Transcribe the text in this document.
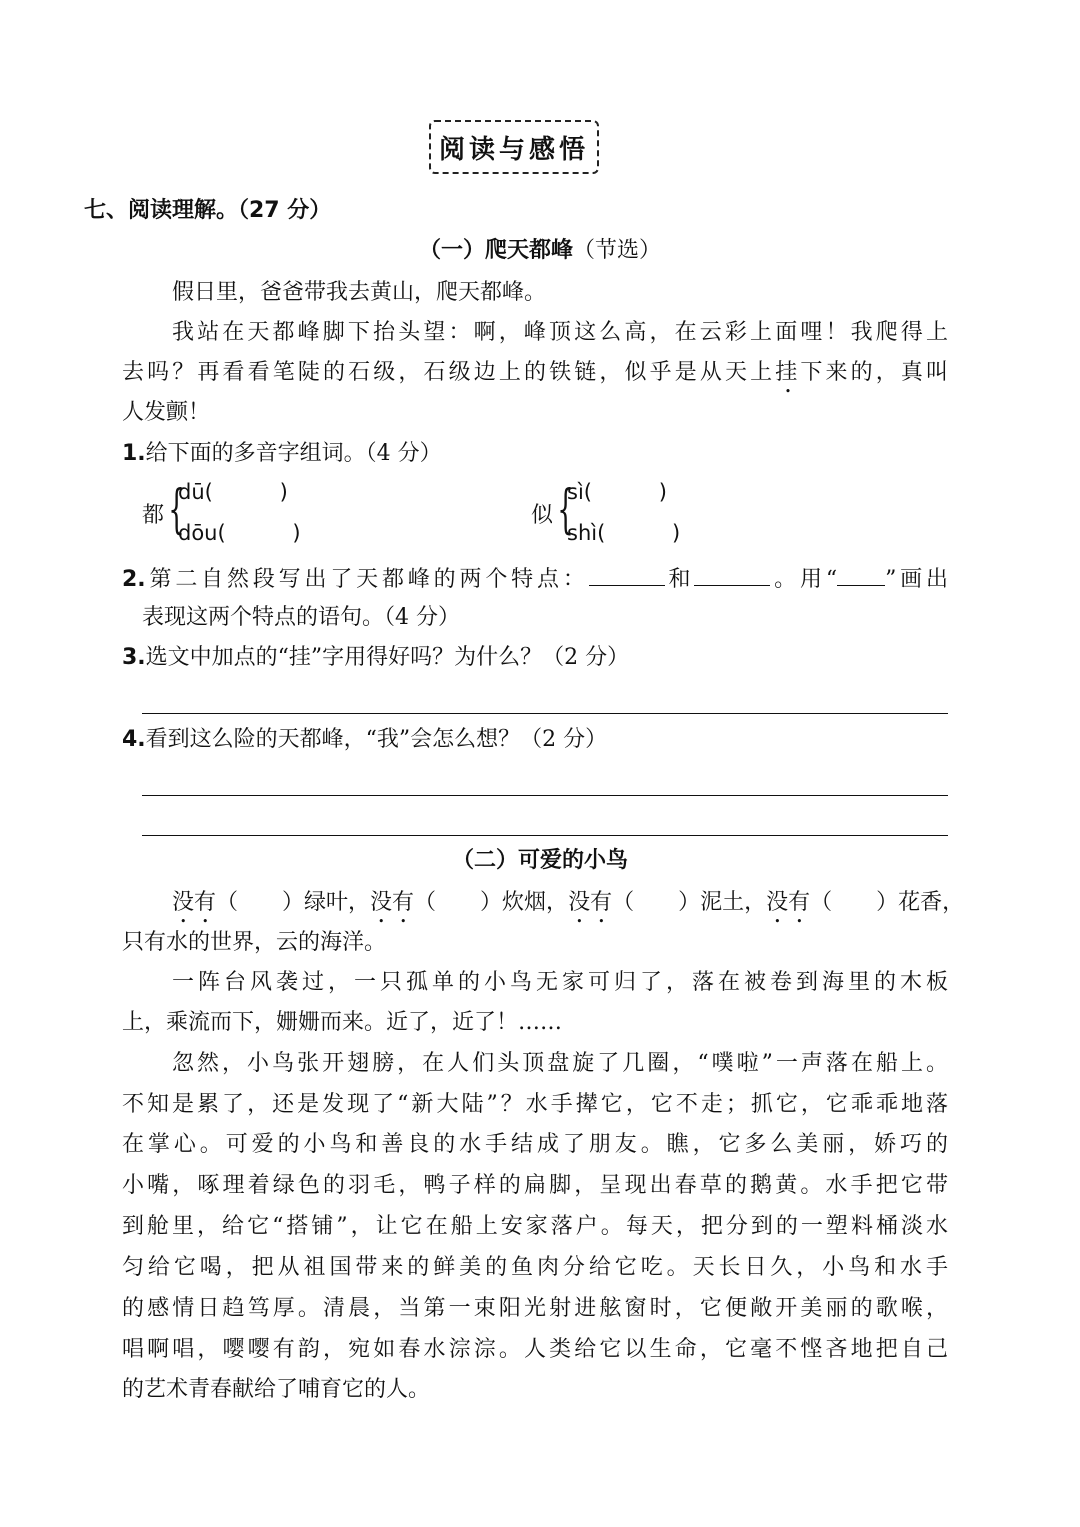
阅读与感悟
七、阅读理解。（27 分）
（一）爬天都峰（节选）
假日里，爸爸带我去黄山，爬天都峰。
我站在天都峰脚下抬头望：啊，峰顶这么高，在云彩上面哩！我爬得上
去吗？再看看笔陡的石级，石级边上的铁链，似乎是从天上挂下来的，真叫
人发颤！
1.给下面的多音字组词。（4 分）
都 {
dū(          )
dōu(          )
似 {
sì(          )
shì(          )
2.第二自然段写出了天都峰的两个特点：	和	。用“ ”画出
表现这两个特点的语句。（4 分）
3.选文中加点的“挂”字用得好吗？为什么？（2 分）
4.看到这么险的天都峰，“我”会怎么想？（2 分）
（二）可爱的小鸟
没有（　　）绿叶，没有（　　）炊烟，没有（　　）泥土，没有（　　）花香，
只有水的世界，云的海洋。
一阵台风袭过，一只孤单的小鸟无家可归了，落在被卷到海里的木板
上，乘流而下，姗姗而来。近了，近了！……
忽然，小鸟张开翅膀，在人们头顶盘旋了几圈，“噗啦”一声落在船上。
不知是累了，还是发现了“新大陆”？水手撵它，它不走；抓它，它乖乖地落
在掌心。可爱的小鸟和善良的水手结成了朋友。瞧，它多么美丽，娇巧的
小嘴，啄理着绿色的羽毛，鸭子样的扁脚，呈现出春草的鹅黄。水手把它带
到舱里，给它“搭铺”，让它在船上安家落户。每天，把分到的一塑料桶淡水
匀给它喝，把从祖国带来的鲜美的鱼肉分给它吃。天长日久，小鸟和水手
的感情日趋笃厚。清晨，当第一束阳光射进舷窗时，它便敞开美丽的歌喉，
唱啊唱，嘤嘤有韵，宛如春水淙淙。人类给它以生命，它毫不悭吝地把自己
的艺术青春献给了哺育它的人。
